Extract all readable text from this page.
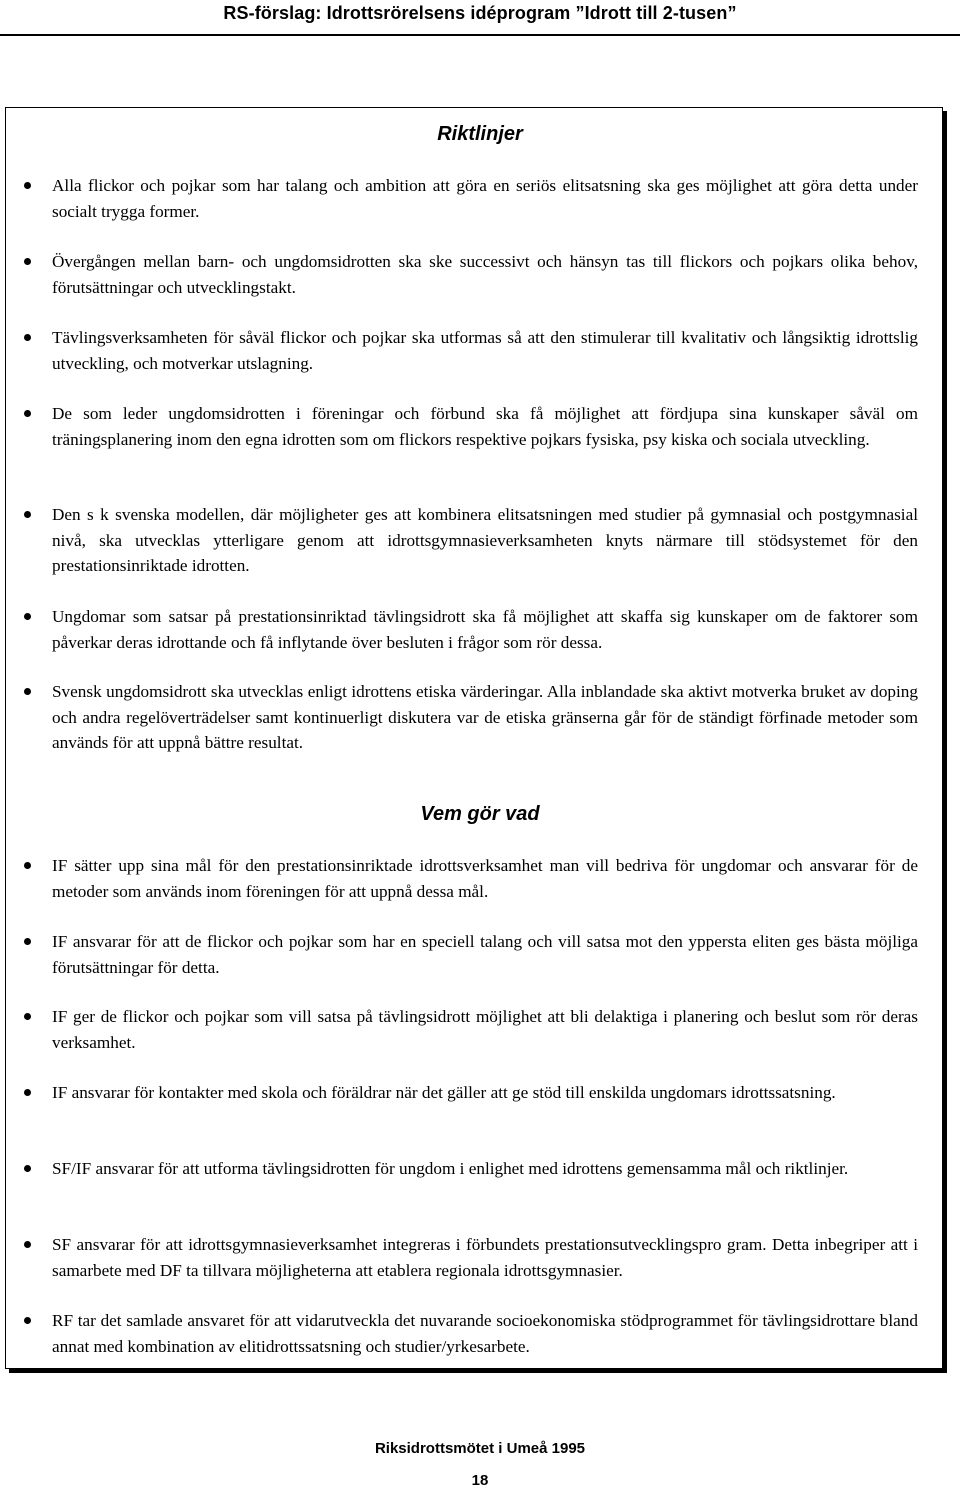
RS-förslag: Idrottsrörelsens idéprogram ”Idrott till 2-tusen”
Riktlinjer
Alla flickor och pojkar som har talang och ambition att göra en seriös elitsatsning ska ges möjlighet att göra detta under socialt trygga former.
Övergången mellan barn- och ungdomsidrotten ska ske successivt och hänsyn tas till flickors och pojkars olika behov, förutsättningar och utvecklingstakt.
Tävlingsverksamheten för såväl flickor och pojkar ska utformas så att den stimulerar till kvalitativ och långsiktig idrottslig utveckling, och motverkar utslagning.
De som leder ungdomsidrotten i föreningar och förbund ska få möjlighet att fördjupa sina kunskaper såväl om träningsplanering inom den egna idrotten som om flickors respektive pojkars fysiska, psy kiska och sociala utveckling.
Den s k svenska modellen, där möjligheter ges att kombinera elitsatsningen med studier på gymnasial och postgymnasial nivå, ska utvecklas ytterligare genom att idrottsgymnasieverksamheten knyts närmare till stödsystemet för den prestationsinriktade idrotten.
Ungdomar som satsar på prestationsinriktad tävlingsidrott ska få möjlighet att skaffa sig kunskaper om de faktorer som påverkar deras idrottande och få inflytande över besluten i frågor som rör dessa.
Svensk ungdomsidrott ska utvecklas enligt idrottens etiska värderingar. Alla inblandade ska aktivt motverka bruket av doping och andra regelöverträdelser samt kontinuerligt diskutera var de etiska gränserna går för de ständigt förfinade metoder som används för att uppnå bättre resultat.
Vem gör vad
IF sätter upp sina mål för den prestationsinriktade idrottsverksamhet man vill bedriva för ungdomar och ansvarar för de metoder som används inom föreningen för att uppnå dessa mål.
IF ansvarar för att de flickor och pojkar som har en speciell talang och vill satsa mot den yppersta eliten ges bästa möjliga förutsättningar för detta.
IF ger de flickor och pojkar som vill satsa på tävlingsidrott möjlighet att bli delaktiga i planering och beslut som rör deras verksamhet.
IF ansvarar för kontakter med skola och föräldrar när det gäller att ge stöd till enskilda ungdomars idrottssatsning.
SF/IF ansvarar för att utforma tävlingsidrotten för ungdom i enlighet med idrottens gemensamma mål och riktlinjer.
SF ansvarar för att idrottsgymnasieverksamhet integreras i förbundets prestationsutvecklingspro gram. Detta inbegriper att i samarbete med DF ta tillvara möjligheterna att etablera regionala idrottsgymnasier.
RF tar det samlade ansvaret för att vidarutveckla det nuvarande socioekonomiska stödprogrammet för tävlingsidrottare bland annat med kombination av elitidrottssatsning och studier/yrkesarbete.
Riksidrottsmötet i Umeå 1995
18
